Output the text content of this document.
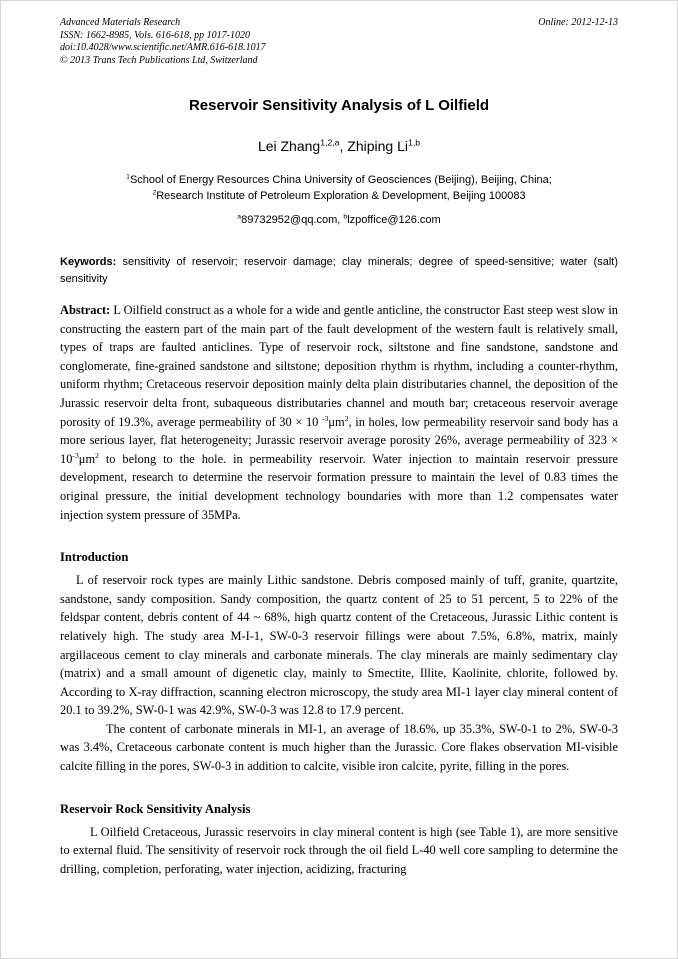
Advanced Materials Research
ISSN: 1662-8985, Vols. 616-618, pp 1017-1020
doi:10.4028/www.scientific.net/AMR.616-618.1017
© 2013 Trans Tech Publications Ltd, Switzerland
Online: 2012-12-13
Reservoir Sensitivity Analysis of L Oilfield
Lei Zhang$^{1,2,a}$, Zhiping Li$^{1,b}$
$^1$School of Energy Resources China University of Geosciences (Beijing), Beijing, China;
$^2$Research Institute of Petroleum Exploration & Development, Beijing 100083
$^a$89732952@qq.com, $^b$lzpoffice@126.com

Keywords: sensitivity of reservoir; reservoir damage; clay minerals; degree of speed-sensitive; water (salt) sensitivity

Abstract: L Oilfield construct as a whole for a wide and gentle anticline, the constructor East steep west slow in constructing the eastern part of the main part of the fault development of the western fault is relatively small, types of traps are faulted anticlines. Type of reservoir rock, siltstone and fine sandstone, sandstone and conglomerate, fine-grained sandstone and siltstone; deposition rhythm is rhythm, including a counter-rhythm, uniform rhythm; Cretaceous reservoir deposition mainly delta plain distributaries channel, the deposition of the Jurassic reservoir delta front, subaqueous distributaries channel and mouth bar; cretaceous reservoir average porosity of 19.3%, average permeability of 30 × 10 $^{-3}\mu m^2$, in holes, low permeability reservoir sand body has a more serious layer, flat heterogeneity; Jurassic reservoir average porosity 26%, average permeability of $323 \times 10^{-3}\mu m^2$ to belong to the hole. in permeability reservoir. Water injection to maintain reservoir pressure development, research to determine the reservoir formation pressure to maintain the level of 0.83 times the original pressure, the initial development technology boundaries with more than 1.2 compensates water injection system pressure of 35MPa.

Introduction

L of reservoir rock types are mainly Lithic sandstone. Debris composed mainly of tuff, granite, quartzite, sandstone, sandy composition. Sandy composition, the quartz content of 25 to 51 percent, 5 to 22% of the feldspar content, debris content of 44 ~ 68%, high quartz content of the Cretaceous, Jurassic Lithic content is relatively high. The study area M-I-1, SW-0-3 reservoir fillings were about 7.5%, 6.8%, matrix, mainly argillaceous cement to clay minerals and carbonate minerals. The clay minerals are mainly sedimentary clay (matrix) and a small amount of digenetic clay, mainly to Smectite, Illite, Kaolinite, chlorite, followed by. According to X-ray diffraction, scanning electron microscopy, the study area MI-1 layer clay mineral content of 20.1 to 39.2%, SW-0-1 was 42.9%, SW-0-3 was 12.8 to 17.9 percent.

The content of carbonate minerals in MI-1, an average of 18.6%, up 35.3%, SW-0-1 to 2%, SW-0-3 was 3.4%, Cretaceous carbonate content is much higher than the Jurassic. Core flakes observation MI-visible calcite filling in the pores, SW-0-3 in addition to calcite, visible iron calcite, pyrite, filling in the pores.

Reservoir Rock Sensitivity Analysis

L Oilfield Cretaceous, Jurassic reservoirs in clay mineral content is high (see Table 1), are more sensitive to external fluid. The sensitivity of reservoir rock through the oil field L-40 well core sampling to determine the drilling, completion, perforating, water injection, acidizing, fracturing
